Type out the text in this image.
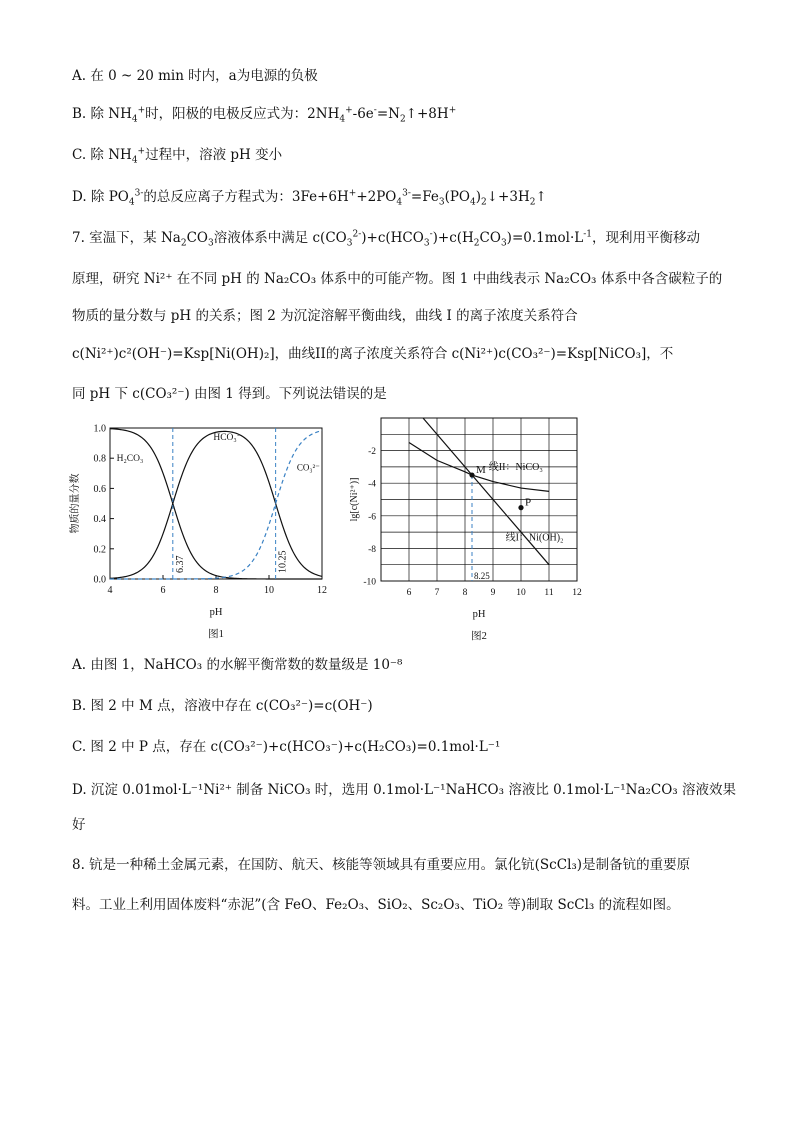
A. 在 0 ~ 20 min 时内，a为电源的负极
B. 除 $NH_4^+$时，阳极的电极反应式为：$2NH_4^+-6e^-=N_2↑+8H^+$
C. 除 $NH_4^+$过程中，溶液 pH 变小
D. 除 $PO_4^{3-}$的总反应离子方程式为：$3Fe+6H^++2PO_4^{3-}=Fe_3(PO_4)_2↓+3H_2↑$
7. 室温下，某 $Na_2CO_3$溶液体系中满足 $c(CO_3^{2-})+c(HCO_3^-)+c(H_2CO_3)=0.1mol\cdot L^{-1}$，现利用平衡移动
原理，研究 Ni²⁺ 在不同 pH 的 Na₂CO₃ 体系中的可能产物。图 1 中曲线表示 Na₂CO₃ 体系中各含碳粒子的
物质的量分数与 pH 的关系；图 2 为沉淀溶解平衡曲线，曲线 I 的离子浓度关系符合
c(Ni²⁺)c²(OH⁻)=Ksp[Ni(OH)₂]，曲线II的离子浓度关系符合 c(Ni²⁺)c(CO₃²⁻)=Ksp[NiCO₃]，不
同 pH 下 c(CO₃²⁻) 由图 1 得到。下列说法错误的是
4	6	8	10	12
0.0
0.2
0.4
0.6
0.8
1.0
6.37	10.25
H₂CO₃
HCO₃⁻
CO₃²⁻
物质的量分数
pH
图1
6 7 8 9 10 11 12
-2
-4
-6
-8
-10
M
P
8.25
线II：NiCO₃
线I：Ni(OH)₂
lg[c(Ni²⁺)]
pH
图2
A. 由图 1，NaHCO₃ 的水解平衡常数的数量级是 10⁻⁸
B. 图 2 中 M 点，溶液中存在 c(CO₃²⁻)=c(OH⁻)
C. 图 2 中 P 点，存在 c(CO₃²⁻)+c(HCO₃⁻)+c(H₂CO₃)=0.1mol·L⁻¹
D. 沉淀 0.01mol·L⁻¹Ni²⁺ 制备 NiCO₃ 时，选用 0.1mol·L⁻¹NaHCO₃ 溶液比 0.1mol·L⁻¹Na₂CO₃ 溶液效果
好
8. 钪是一种稀土金属元素，在国防、航天、核能等领域具有重要应用。氯化钪(ScCl₃)是制备钪的重要原
料。工业上利用固体废料“赤泥”(含 FeO、Fe₂O₃、SiO₂、Sc₂O₃、TiO₂ 等)制取 ScCl₃ 的流程如图。
